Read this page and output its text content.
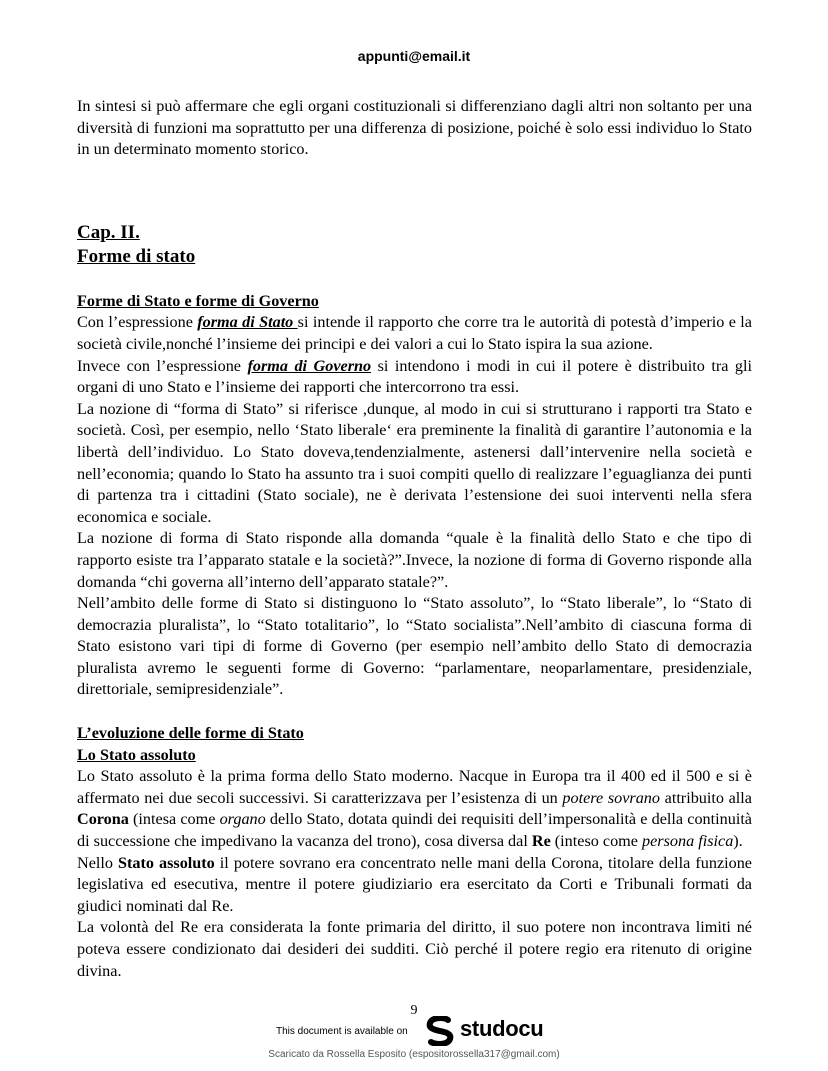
appunti@email.it

In sintesi si può affermare che egli organi costituzionali si differenziano dagli altri non soltanto per una diversità di funzioni ma soprattutto per una differenza di posizione, poiché è solo essi individuo lo Stato in un determinato momento storico.

Cap. II.
Forme di stato
Forme di Stato e forme di Governo

Con l’espressione forma di Stato si intende il rapporto che corre tra le autorità di potestà d’imperio e la società civile,nonché l’insieme dei principi e dei valori a cui lo Stato ispira la sua azione.

Invece con l’espressione forma di Governo si intendono i modi in cui il potere è distribuito tra gli organi di uno Stato e l’insieme dei rapporti che intercorrono tra essi.

La nozione di “forma di Stato” si riferisce ,dunque, al modo in cui si strutturano i rapporti tra Stato e società. Così, per esempio, nello ‘Stato liberale‘ era preminente la finalità di garantire l’autonomia e la libertà dell’individuo. Lo Stato doveva,tendenzialmente, astenersi dall’intervenire nella società e nell’economia; quando lo Stato ha assunto tra i suoi compiti quello di realizzare l’eguaglianza dei punti di partenza tra i cittadini (Stato sociale), ne è derivata l’estensione dei suoi interventi nella sfera economica e sociale.

La nozione di forma di Stato risponde alla domanda “quale è la finalità dello Stato e che tipo di rapporto esiste tra l’apparato statale e la società?”.Invece, la nozione di forma di Governo risponde alla domanda “chi governa all’interno dell’apparato statale?”.

Nell’ambito delle forme di Stato si distinguono lo “Stato assoluto”, lo “Stato liberale”, lo “Stato di democrazia pluralista”, lo “Stato totalitario”, lo “Stato socialista”.Nell’ambito di ciascuna forma di Stato esistono vari tipi di forme di Governo (per esempio nell’ambito dello Stato di democrazia pluralista avremo le seguenti forme di Governo: “parlamentare, neoparlamentare, presidenziale, direttoriale, semipresidenziale”.

L’evoluzione delle forme di Stato
Lo Stato assoluto

Lo Stato assoluto è la prima forma dello Stato moderno. Nacque in Europa tra il 400 ed il 500 e si è affermato nei due secoli successivi. Si caratterizzava per l’esistenza di un potere sovrano attribuito alla Corona (intesa come organo dello Stato, dotata quindi dei requisiti dell’impersonalità e della continuità di successione che impedivano la vacanza del trono), cosa diversa dal Re (inteso come persona fisica).

Nello Stato assoluto il potere sovrano era concentrato nelle mani della Corona, titolare della funzione legislativa ed esecutiva, mentre il potere giudiziario era esercitato da Corti e Tribunali formati da giudici nominati dal Re.

La volontà del Re era considerata la fonte primaria del diritto, il suo potere non incontrava limiti né poteva essere condizionato dai desideri dei sudditi. Ciò perché il potere regio era ritenuto di origine divina.

9
This document is available on studocu
Scaricato da Rossella Esposito (espositorossella317@gmail.com)
